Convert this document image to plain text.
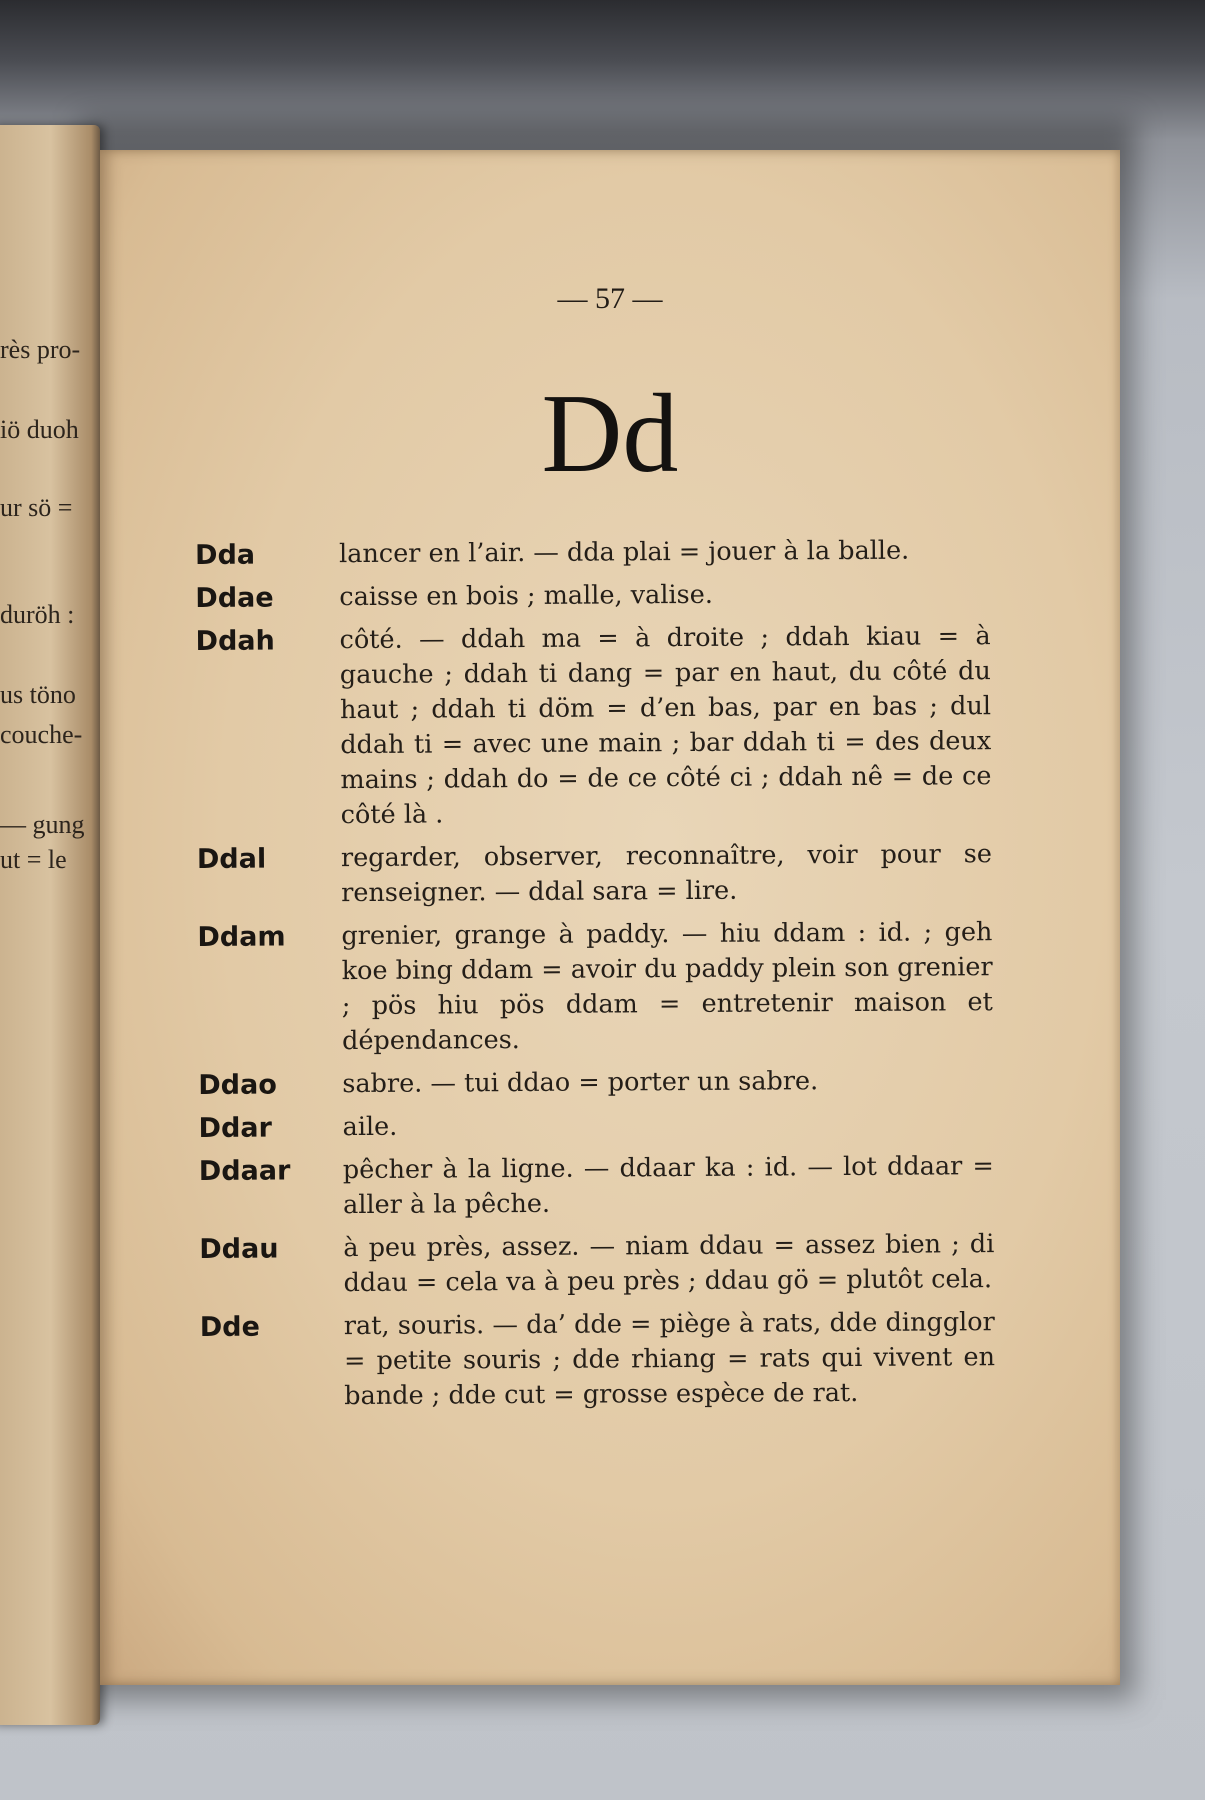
rès pro-
iö duoh
ur sö =
duröh :
us töno
couche-
— gung
ut = le
— 57 —
Dd
Dda	lancer en l’air. — dda plai = jouer à la balle.
Ddae	caisse en bois ; malle, valise.
Ddah	côté. — ddah ma = à droite ; ddah kiau = à gauche ; ddah ti dang = par en haut, du côté du haut ; ddah ti döm = d’en bas, par en bas ; dul ddah ti = avec une main ; bar ddah ti = des deux mains ; ddah do = de ce côté ci ; ddah nê = de ce côté là .
Ddal	regarder, observer, reconnaître, voir pour se renseigner. — ddal sara = lire.
Ddam	grenier, grange à paddy. — hiu ddam : id. ; geh koe bing ddam = avoir du paddy plein son grenier ; pös hiu pös ddam = entretenir maison et dépendances.
Ddao	sabre. — tui ddao = porter un sabre.
Ddar	aile.
Ddaar	pêcher à la ligne. — ddaar ka : id. — lot ddaar = aller à la pêche.
Ddau	à peu près, assez. — niam ddau = assez bien ; di ddau = cela va à peu près ; ddau gö = plutôt cela.
Dde	rat, souris. — da’ dde = piège à rats, dde dingglor = petite souris ; dde rhiang = rats qui vivent en bande ; dde cut = grosse espèce de rat.
